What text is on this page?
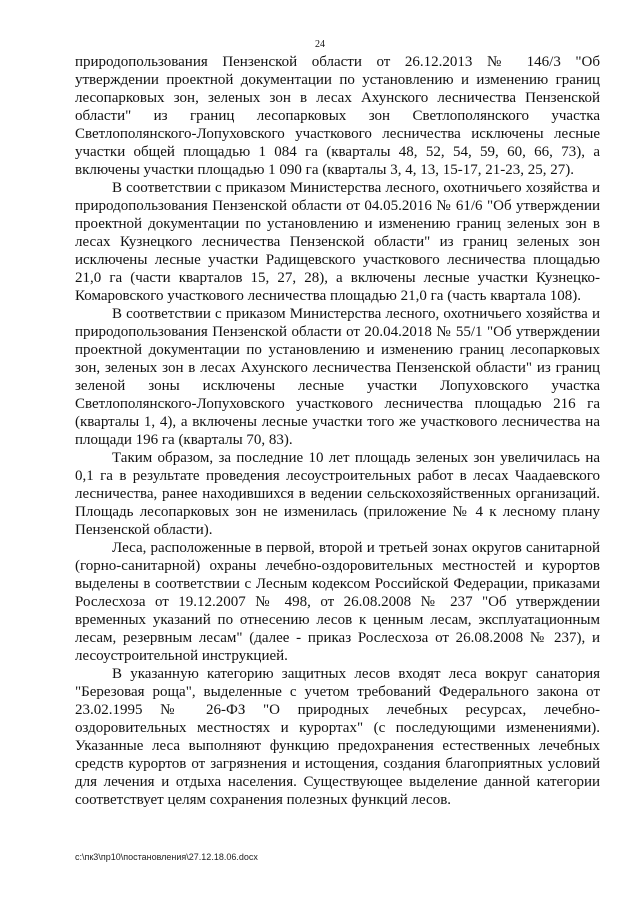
24

природопользования Пензенской области от 26.12.2013 № 146/3 "Об утверждении проектной документации по установлению и изменению границ лесопарковых зон, зеленых зон в лесах Ахунского лесничества Пензенской области" из границ лесопарковых зон Светлополянского участка Светлополянского-Лопуховского участкового лесничества исключены лесные участки общей площадью 1 084 га (кварталы 48, 52, 54, 59, 60, 66, 73), а включены участки площадью 1 090 га (кварталы 3, 4, 13, 15-17, 21-23, 25, 27).

В соответствии с приказом Министерства лесного, охотничьего хозяйства и природопользования Пензенской области от 04.05.2016 № 61/6 "Об утверждении проектной документации по установлению и изменению границ зеленых зон в лесах Кузнецкого лесничества Пензенской области" из границ зеленых зон исключены лесные участки Радищевского участкового лесничества площадью 21,0 га (части кварталов 15, 27, 28), а включены лесные участки Кузнецко-Комаровского участкового лесничества площадью 21,0 га (часть квартала 108).

В соответствии с приказом Министерства лесного, охотничьего хозяйства и природопользования Пензенской области от 20.04.2018 № 55/1 "Об утверждении проектной документации по установлению и изменению границ лесопарковых зон, зеленых зон в лесах Ахунского лесничества Пензенской области" из границ зеленой зоны исключены лесные участки Лопуховского участка Светлополянского-Лопуховского участкового лесничества площадью 216 га (кварталы 1, 4), а включены лесные участки того же участкового лесничества на площади 196 га (кварталы 70, 83).

Таким образом, за последние 10 лет площадь зеленых зон увеличилась на 0,1 га в результате проведения лесоустроительных работ в лесах Чаадаевского лесничества, ранее находившихся в ведении сельскохозяйственных организаций. Площадь лесопарковых зон не изменилась (приложение № 4 к лесному плану Пензенской области).

Леса, расположенные в первой, второй и третьей зонах округов санитарной (горно-санитарной) охраны лечебно-оздоровительных местностей и курортов выделены в соответствии с Лесным кодексом Российской Федерации, приказами Рослесхоза от 19.12.2007 № 498, от 26.08.2008 № 237 "Об утверждении временных указаний по отнесению лесов к ценным лесам, эксплуатационным лесам, резервным лесам" (далее - приказ Рослесхоза от 26.08.2008 № 237), и лесоустроительной инструкцией.

В указанную категорию защитных лесов входят леса вокруг санатория "Березовая роща", выделенные с учетом требований Федерального закона от 23.02.1995 № 26-ФЗ "О природных лечебных ресурсах, лечебно-оздоровительных местностях и курортах" (с последующими изменениями). Указанные леса выполняют функцию предохранения естественных лечебных средств курортов от загрязнения и истощения, создания благоприятных условий для лечения и отдыха населения. Существующее выделение данной категории соответствует целям сохранения полезных функций лесов.

c:\пк3\пр10\постановления\27.12.18.06.docx
